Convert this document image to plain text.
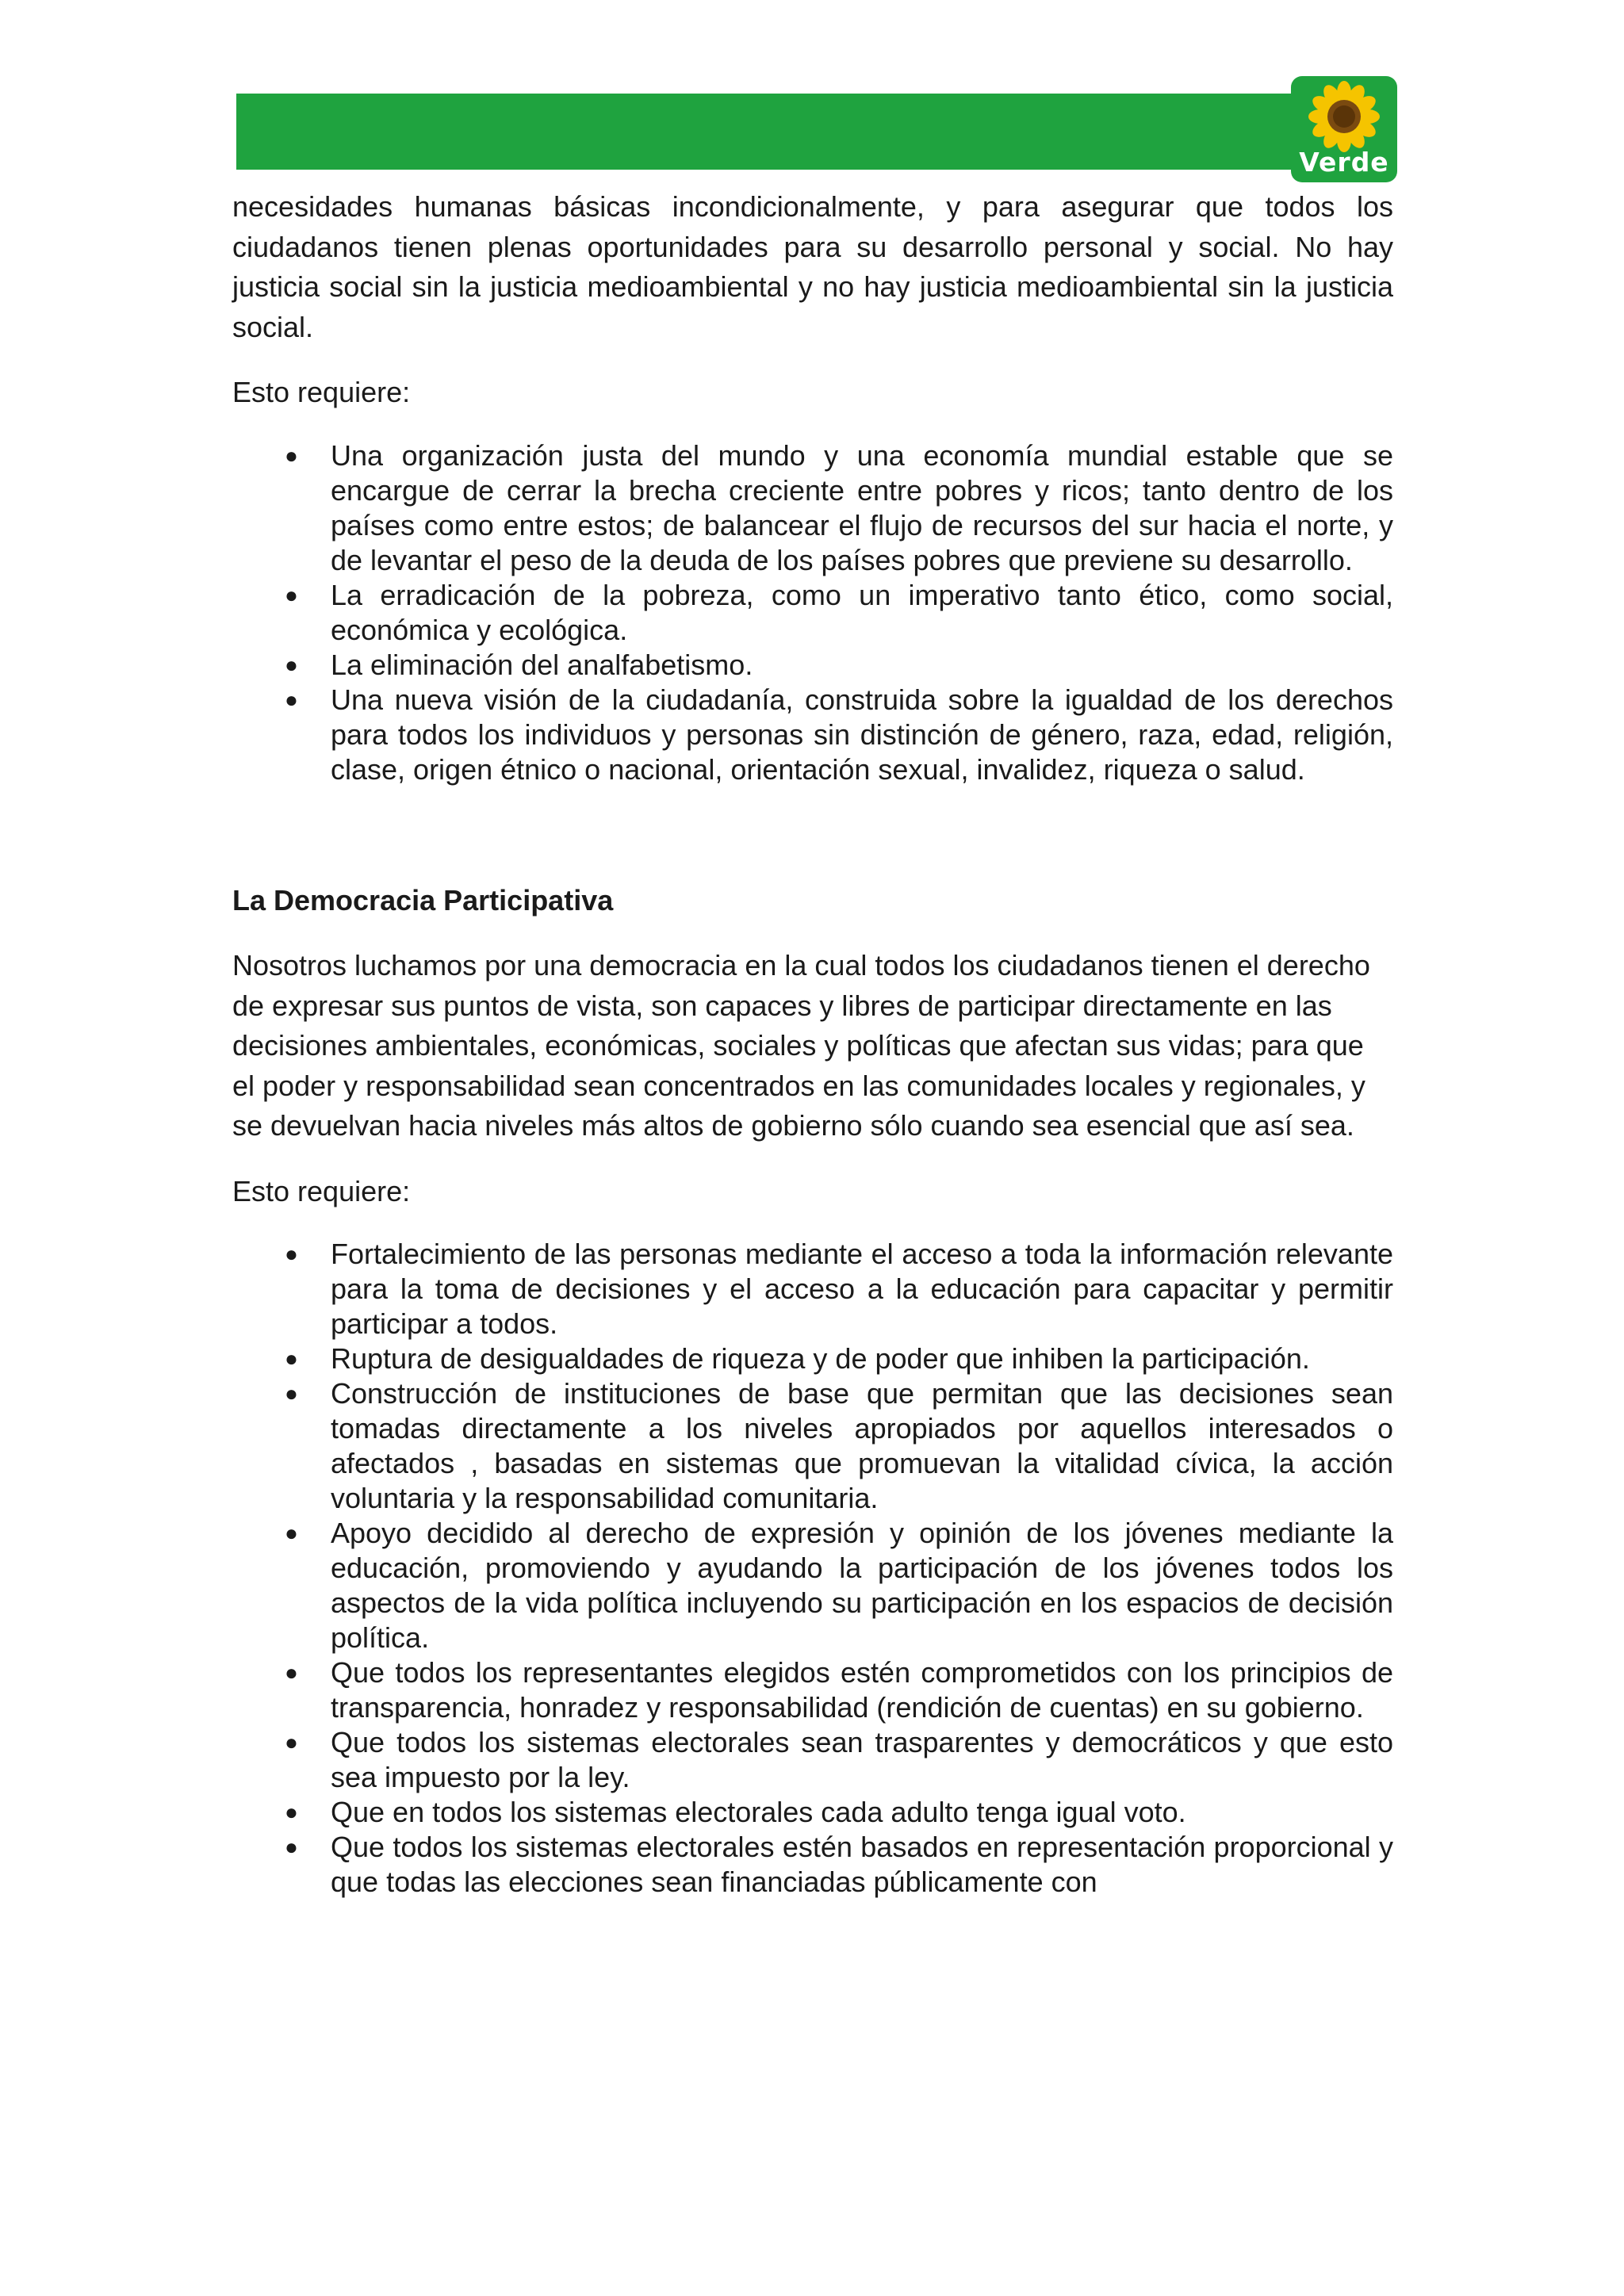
Verde

necesidades humanas básicas incondicionalmente, y para asegurar que todos los ciudadanos tienen plenas oportunidades para su desarrollo personal y social. No hay justicia social sin la justicia medioambiental y no hay justicia medioambiental sin la justicia social.

Esto requiere:

● Una organización justa del mundo y una economía mundial estable que se encargue de cerrar la brecha creciente entre pobres y ricos; tanto dentro de los países como entre estos; de balancear el flujo de recursos del sur hacia el norte, y de levantar el peso de la deuda de los países pobres que previene su desarrollo.
● La erradicación de la pobreza, como un imperativo tanto ético, como social, económica y ecológica.
● La eliminación del analfabetismo.
● Una nueva visión de la ciudadanía, construida sobre la igualdad de los derechos para todos los individuos y personas sin distinción de género, raza, edad, religión, clase, origen étnico o nacional, orientación sexual, invalidez, riqueza o salud.

La Democracia Participativa

Nosotros luchamos por una democracia en la cual todos los ciudadanos tienen el derecho de expresar sus puntos de vista, son capaces y libres de participar directamente en las decisiones ambientales, económicas, sociales y políticas que afectan sus vidas; para que el poder y responsabilidad sean concentrados en las comunidades locales y regionales, y se devuelvan hacia niveles más altos de gobierno sólo cuando sea esencial que así sea.

Esto requiere:

● Fortalecimiento de las personas mediante el acceso a toda la información relevante para la toma de decisiones y el acceso a la educación para capacitar y permitir participar a todos.
● Ruptura de desigualdades de riqueza y de poder que inhiben la participación.
● Construcción de instituciones de base que permitan que las decisiones sean tomadas directamente a los niveles apropiados por aquellos interesados o afectados , basadas en sistemas que promuevan la vitalidad cívica, la acción voluntaria y la responsabilidad comunitaria.
● Apoyo decidido al derecho de expresión y opinión de los jóvenes mediante la educación, promoviendo y ayudando la participación de los jóvenes todos los aspectos de la vida política incluyendo su participación en los espacios de decisión política.
● Que todos los representantes elegidos estén comprometidos con los principios de transparencia, honradez y responsabilidad (rendición de cuentas) en su gobierno.
● Que todos los sistemas electorales sean trasparentes y democráticos y que esto sea impuesto por la ley.
● Que en todos los sistemas electorales cada adulto tenga igual voto.
● Que todos los sistemas electorales estén basados en representación proporcional y que todas las elecciones sean financiadas públicamente con
